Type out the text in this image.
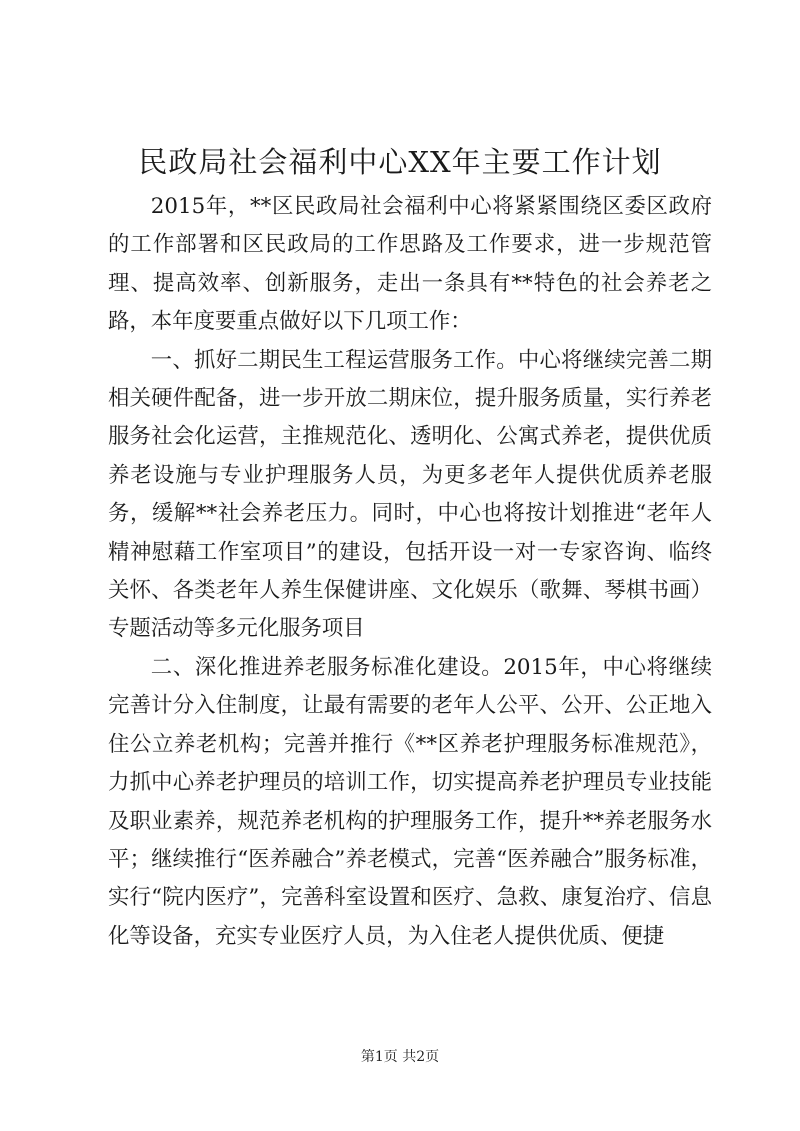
民政局社会福利中心XX年主要工作计划

2015年，**区民政局社会福利中心将紧紧围绕区委区政府的工作部署和区民政局的工作思路及工作要求，进一步规范管理、提高效率、创新服务，走出一条具有**特色的社会养老之路，本年度要重点做好以下几项工作：

一、抓好二期民生工程运营服务工作。中心将继续完善二期相关硬件配备，进一步开放二期床位，提升服务质量，实行养老服务社会化运营，主推规范化、透明化、公寓式养老，提供优质养老设施与专业护理服务人员，为更多老年人提供优质养老服务，缓解**社会养老压力。同时，中心也将按计划推进“老年人精神慰藉工作室项目”的建设，包括开设一对一专家咨询、临终关怀、各类老年人养生保健讲座、文化娱乐（歌舞、琴棋书画）专题活动等多元化服务项目

二、深化推进养老服务标准化建设。2015年，中心将继续完善计分入住制度，让最有需要的老年人公平、公开、公正地入住公立养老机构；完善并推行《**区养老护理服务标准规范》，力抓中心养老护理员的培训工作，切实提高养老护理员专业技能及职业素养，规范养老机构的护理服务工作，提升**养老服务水平；继续推行“医养融合”养老模式，完善“医养融合”服务标准，实行“院内医疗”，完善科室设置和医疗、急救、康复治疗、信息化等设备，充实专业医疗人员，为入住老人提供优质、便捷

第1页 共2页
